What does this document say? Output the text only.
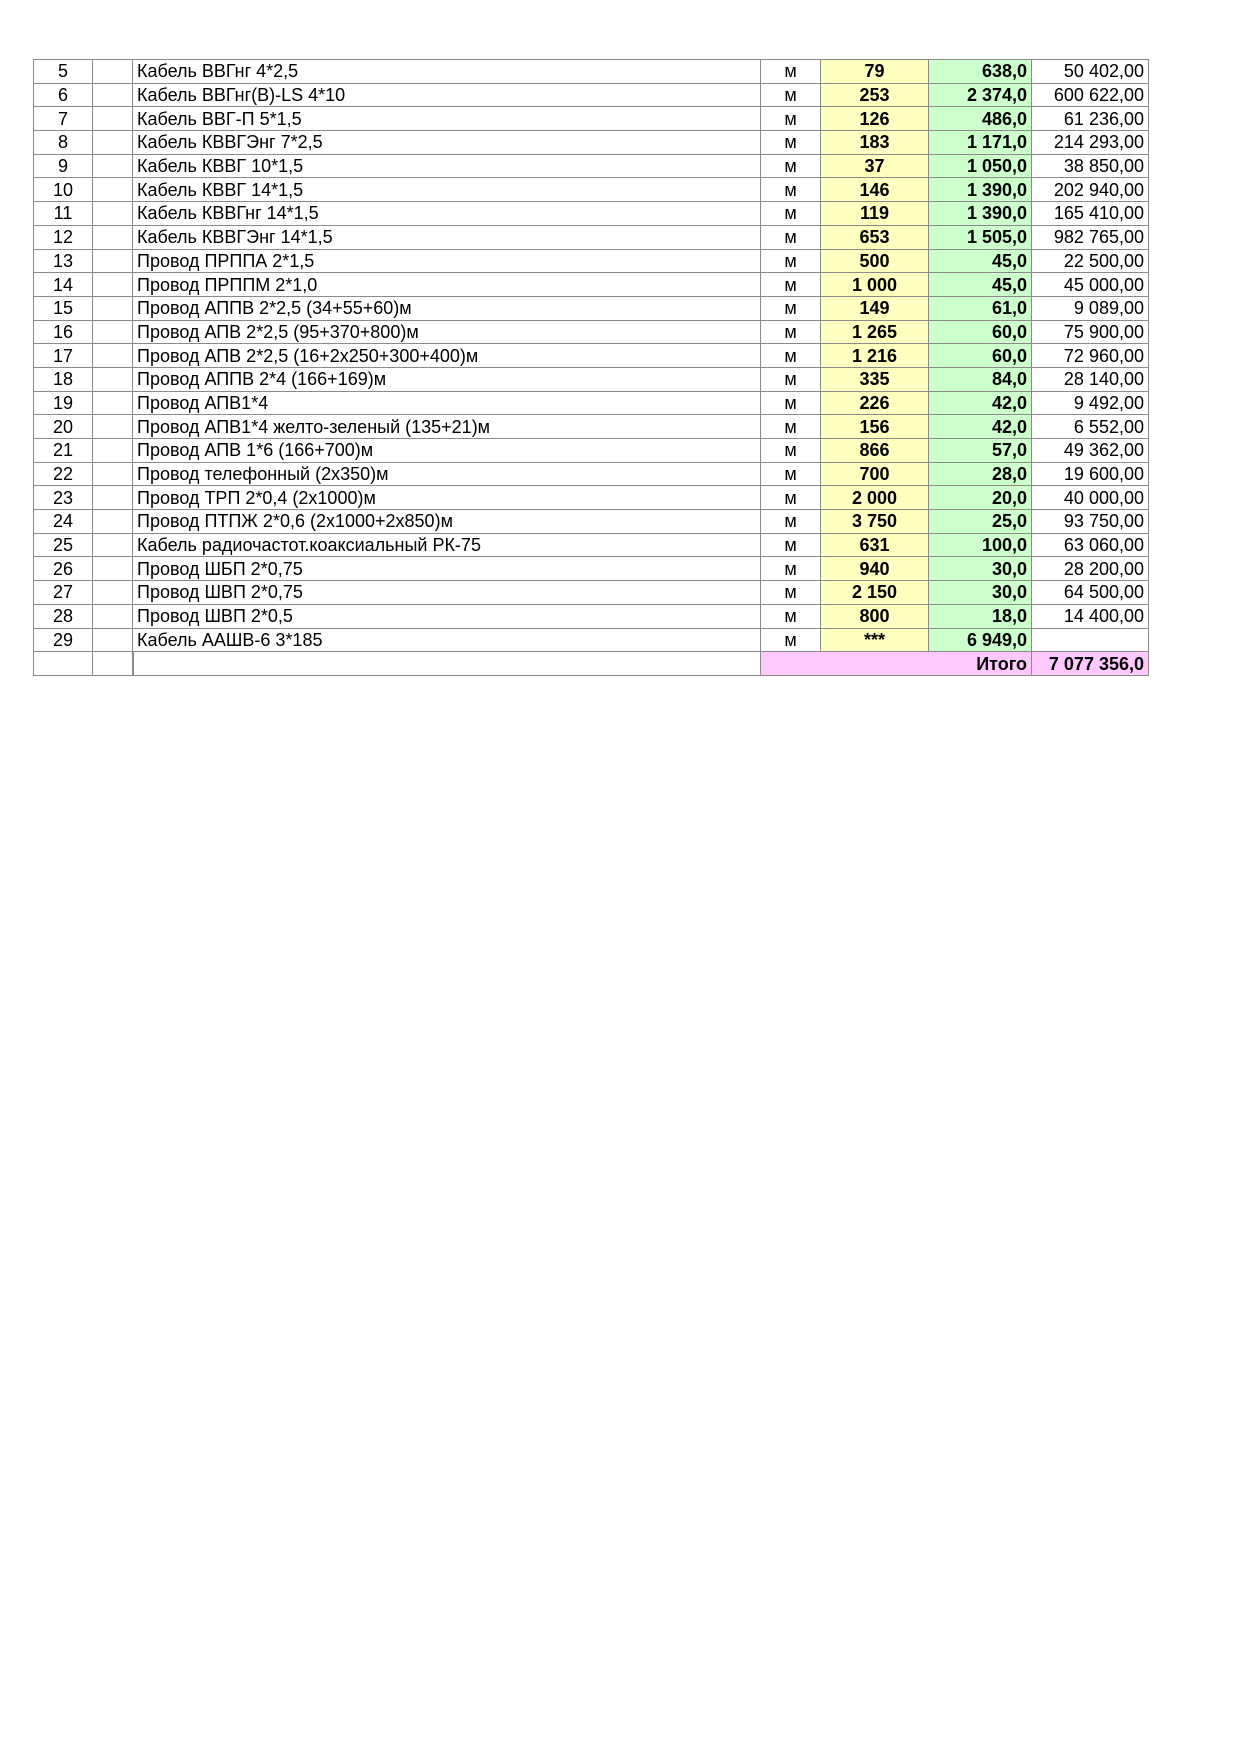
5		Кабель ВВГнг 4*2,5	м	79	638,0	50 402,00
6		Кабель ВВГнг(В)-LS 4*10	м	253	2 374,0	600 622,00
7		Кабель ВВГ-П 5*1,5	м	126	486,0	61 236,00
8		Кабель КВВГЭнг 7*2,5	м	183	1 171,0	214 293,00
9		Кабель КВВГ 10*1,5	м	37	1 050,0	38 850,00
10		Кабель КВВГ 14*1,5	м	146	1 390,0	202 940,00
11		Кабель КВВГнг 14*1,5	м	119	1 390,0	165 410,00
12		Кабель КВВГЭнг 14*1,5	м	653	1 505,0	982 765,00
13		Провод ПРППА 2*1,5	м	500	45,0	22 500,00
14		Провод ПРППМ 2*1,0	м	1 000	45,0	45 000,00
15		Провод АППВ 2*2,5 (34+55+60)м	м	149	61,0	9 089,00
16		Провод АПВ 2*2,5 (95+370+800)м	м	1 265	60,0	75 900,00
17		Провод АПВ 2*2,5 (16+2х250+300+400)м	м	1 216	60,0	72 960,00
18		Провод АППВ 2*4 (166+169)м	м	335	84,0	28 140,00
19		Провод АПВ1*4	м	226	42,0	9 492,00
20		Провод АПВ1*4 желто-зеленый (135+21)м	м	156	42,0	6 552,00
21		Провод АПВ 1*6 (166+700)м	м	866	57,0	49 362,00
22		Провод телефонный (2х350)м	м	700	28,0	19 600,00
23		Провод ТРП 2*0,4 (2х1000)м	м	2 000	20,0	40 000,00
24		Провод ПТПЖ 2*0,6 (2х1000+2х850)м	м	3 750	25,0	93 750,00
25		Кабель радиочастот.коаксиальный РК-75	м	631	100,0	63 060,00
26		Провод ШБП 2*0,75	м	940	30,0	28 200,00
27		Провод ШВП 2*0,75	м	2 150	30,0	64 500,00
28		Провод ШВП 2*0,5	м	800	18,0	14 400,00
29		Кабель ААШВ-6 3*185	м	***	6 949,0	

	Итого			7 077 356,0
